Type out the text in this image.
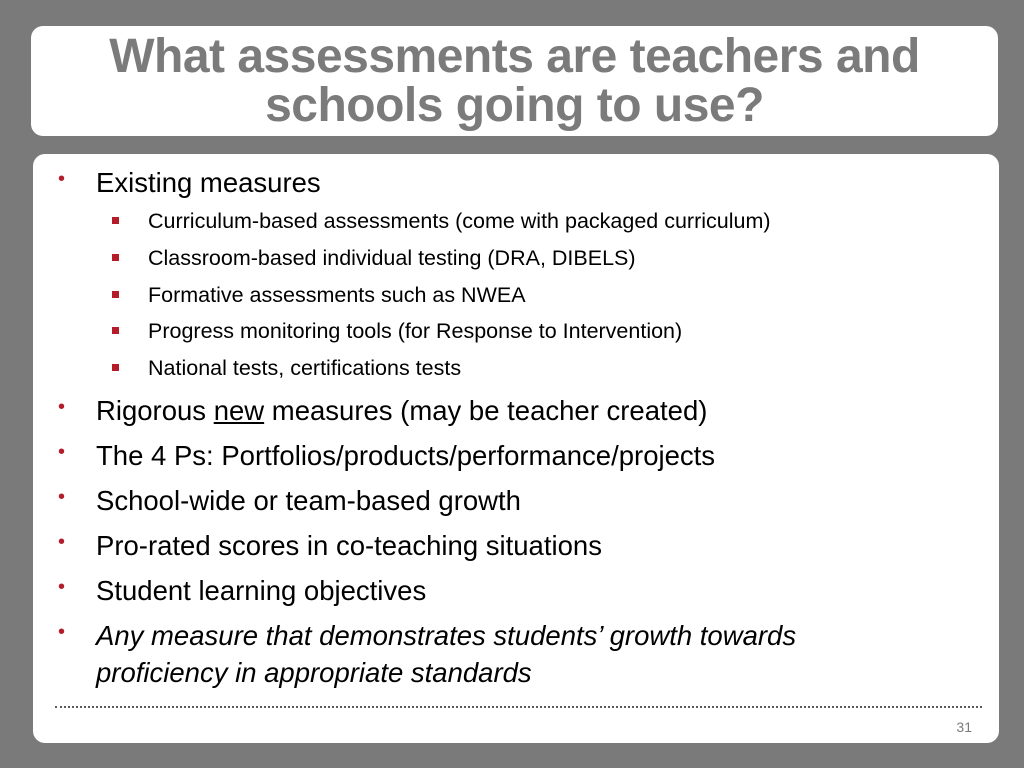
What assessments are teachers and
schools going to use?
• Existing measures
Curriculum-based assessments (come with packaged curriculum)
Classroom-based individual testing (DRA, DIBELS)
Formative assessments such as NWEA
Progress monitoring tools (for Response to Intervention)
National tests, certifications tests
• Rigorous new measures (may be teacher created)
• The 4 Ps: Portfolios/products/performance/projects
• School-wide or team-based growth
• Pro-rated scores in co-teaching situations
• Student learning objectives
• Any measure that demonstrates students’ growth towards
proficiency in appropriate standards
31
